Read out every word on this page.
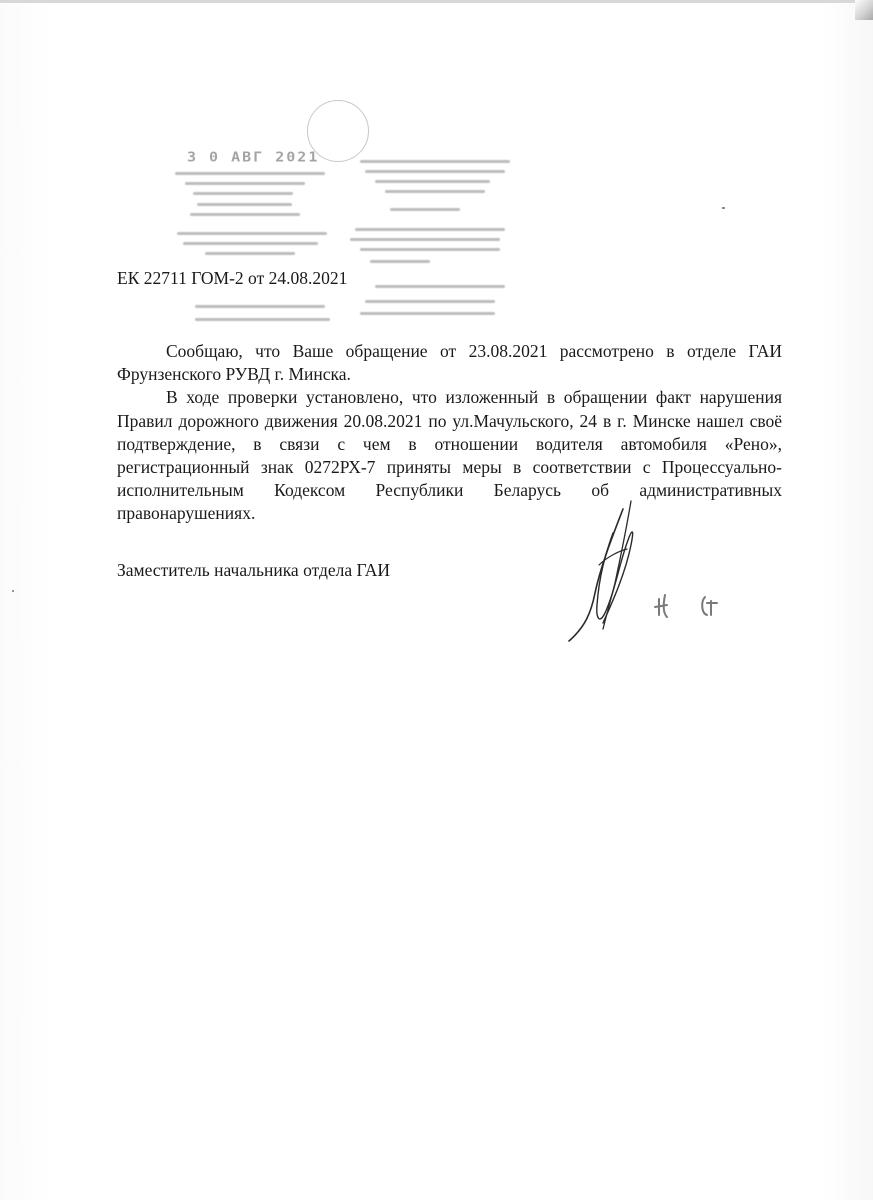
3 0 АВГ 2021
ЕК 22711 ГОМ-2 от 24.08.2021

Сообщаю, что Ваше обращение от 23.08.2021 рассмотрено в отделе ГАИ Фрунзенского РУВД г. Минска.

В ходе проверки установлено, что изложенный в обращении факт нарушения Правил дорожного движения 20.08.2021 по ул.Мачульского, 24 в г. Минске нашел своё подтверждение, в связи с чем в отношении водителя автомобиля «Рено», регистрационный знак 0272РХ-7 приняты меры в соответствии с Процессуально-исполнительным Кодексом Республики Беларусь об административных правонарушениях.

Заместитель начальника отдела ГАИ
